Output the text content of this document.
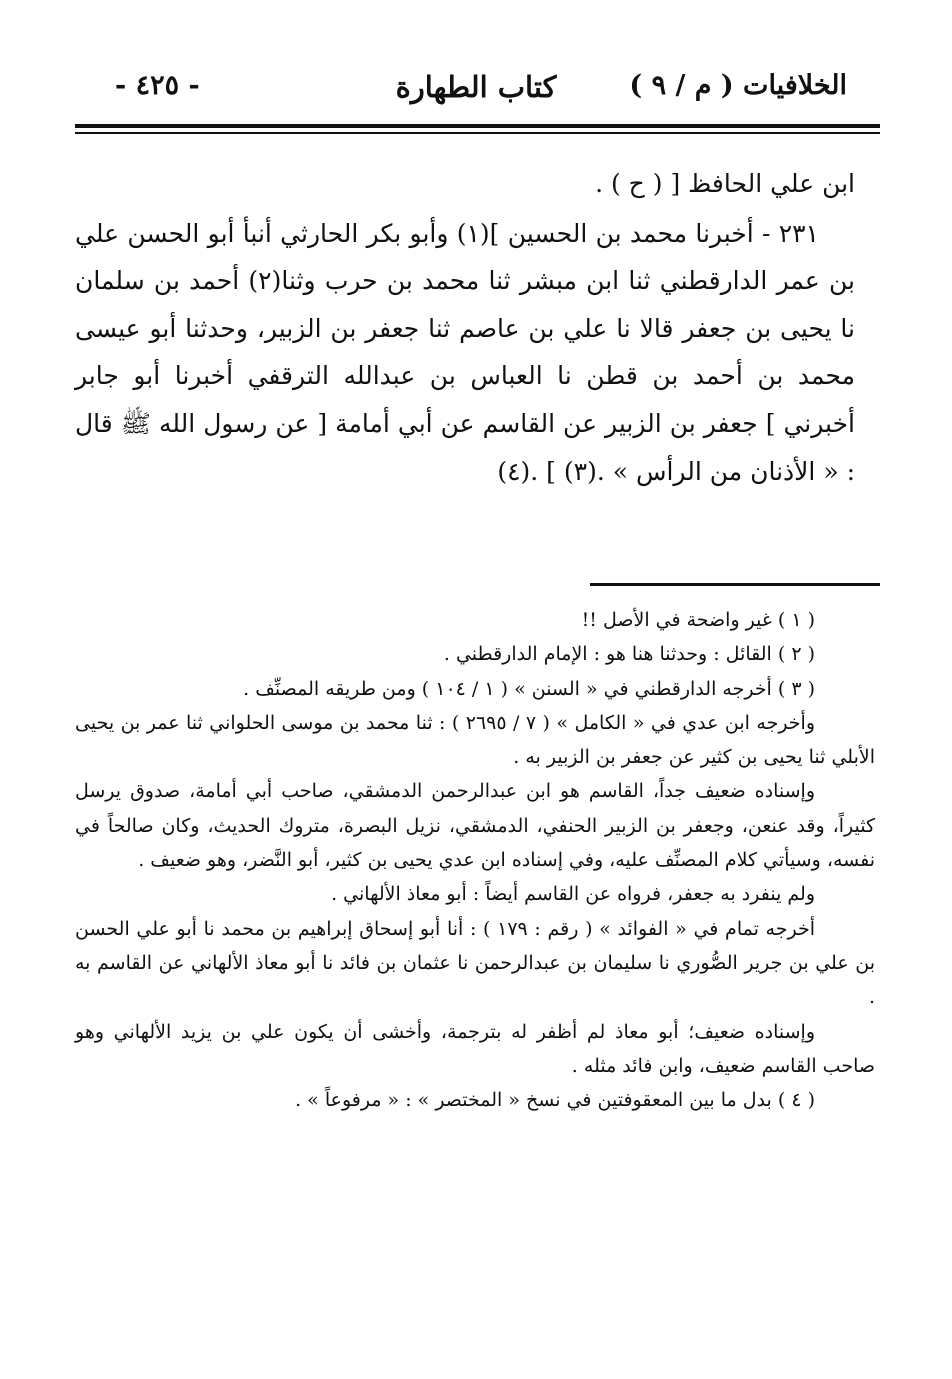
الخلافيات ( م / ٩ )
كتاب الطهارة
- ٤٢٥ -

ابن علي الحافظ [ ( ح ) .

٢٣١ - أخبرنا محمد بن الحسين ](١) وأبو بكر الحارثي أنبأ أبو الحسن علي بن عمر الدارقطني ثنا ابن مبشر ثنا محمد بن حرب وثنا(٢) أحمد بن سلمان نا يحيى بن جعفر قالا نا علي بن عاصم ثنا جعفر بن الزبير، وحدثنا أبو عيسى محمد بن أحمد بن قطن نا العباس بن عبدالله الترقفي أخبرنا أبو جابر أخبرني ] جعفر بن الزبير عن القاسم عن أبي أمامة [ عن رسول الله ﷺ قال : « الأذنان من الرأس » .(٣) ] .(٤)

( ١ ) غير واضحة في الأصل !!

( ٢ ) القائل : وحدثنا هنا هو : الإمام الدارقطني .

( ٣ ) أخرجه الدارقطني في « السنن » ( ١ / ١٠٤ ) ومن طريقه المصنِّف .

وأخرجه ابن عدي في « الكامل » ( ٧ / ٢٦٩٥ ) : ثنا محمد بن موسى الحلواني ثنا عمر بن يحيى الأبلي ثنا يحيى بن كثير عن جعفر بن الزبير به .

وإسناده ضعيف جداً، القاسم هو ابن عبدالرحمن الدمشقي، صاحب أبي أمامة، صدوق يرسل كثيراً، وقد عنعن، وجعفر بن الزبير الحنفي، الدمشقي، نزيل البصرة، متروك الحديث، وكان صالحاً في نفسه، وسيأتي كلام المصنِّف عليه، وفي إسناده ابن عدي يحيى بن كثير، أبو النَّضر، وهو ضعيف .

ولم ينفرد به جعفر، فرواه عن القاسم أيضاً : أبو معاذ الألهاني .

أخرجه تمام في « الفوائد » ( رقم : ١٧٩ ) : أنا أبو إسحاق إبراهيم بن محمد نا أبو علي الحسن بن علي بن جرير الصُّوري نا سليمان بن عبدالرحمن نا عثمان بن فائد نا أبو معاذ الألهاني عن القاسم به .

وإسناده ضعيف؛ أبو معاذ لم أظفر له بترجمة، وأخشى أن يكون علي بن يزيد الألهاني وهو صاحب القاسم ضعيف، وابن فائد مثله .

( ٤ ) بدل ما بين المعقوفتين في نسخ « المختصر » : « مرفوعاً » .
